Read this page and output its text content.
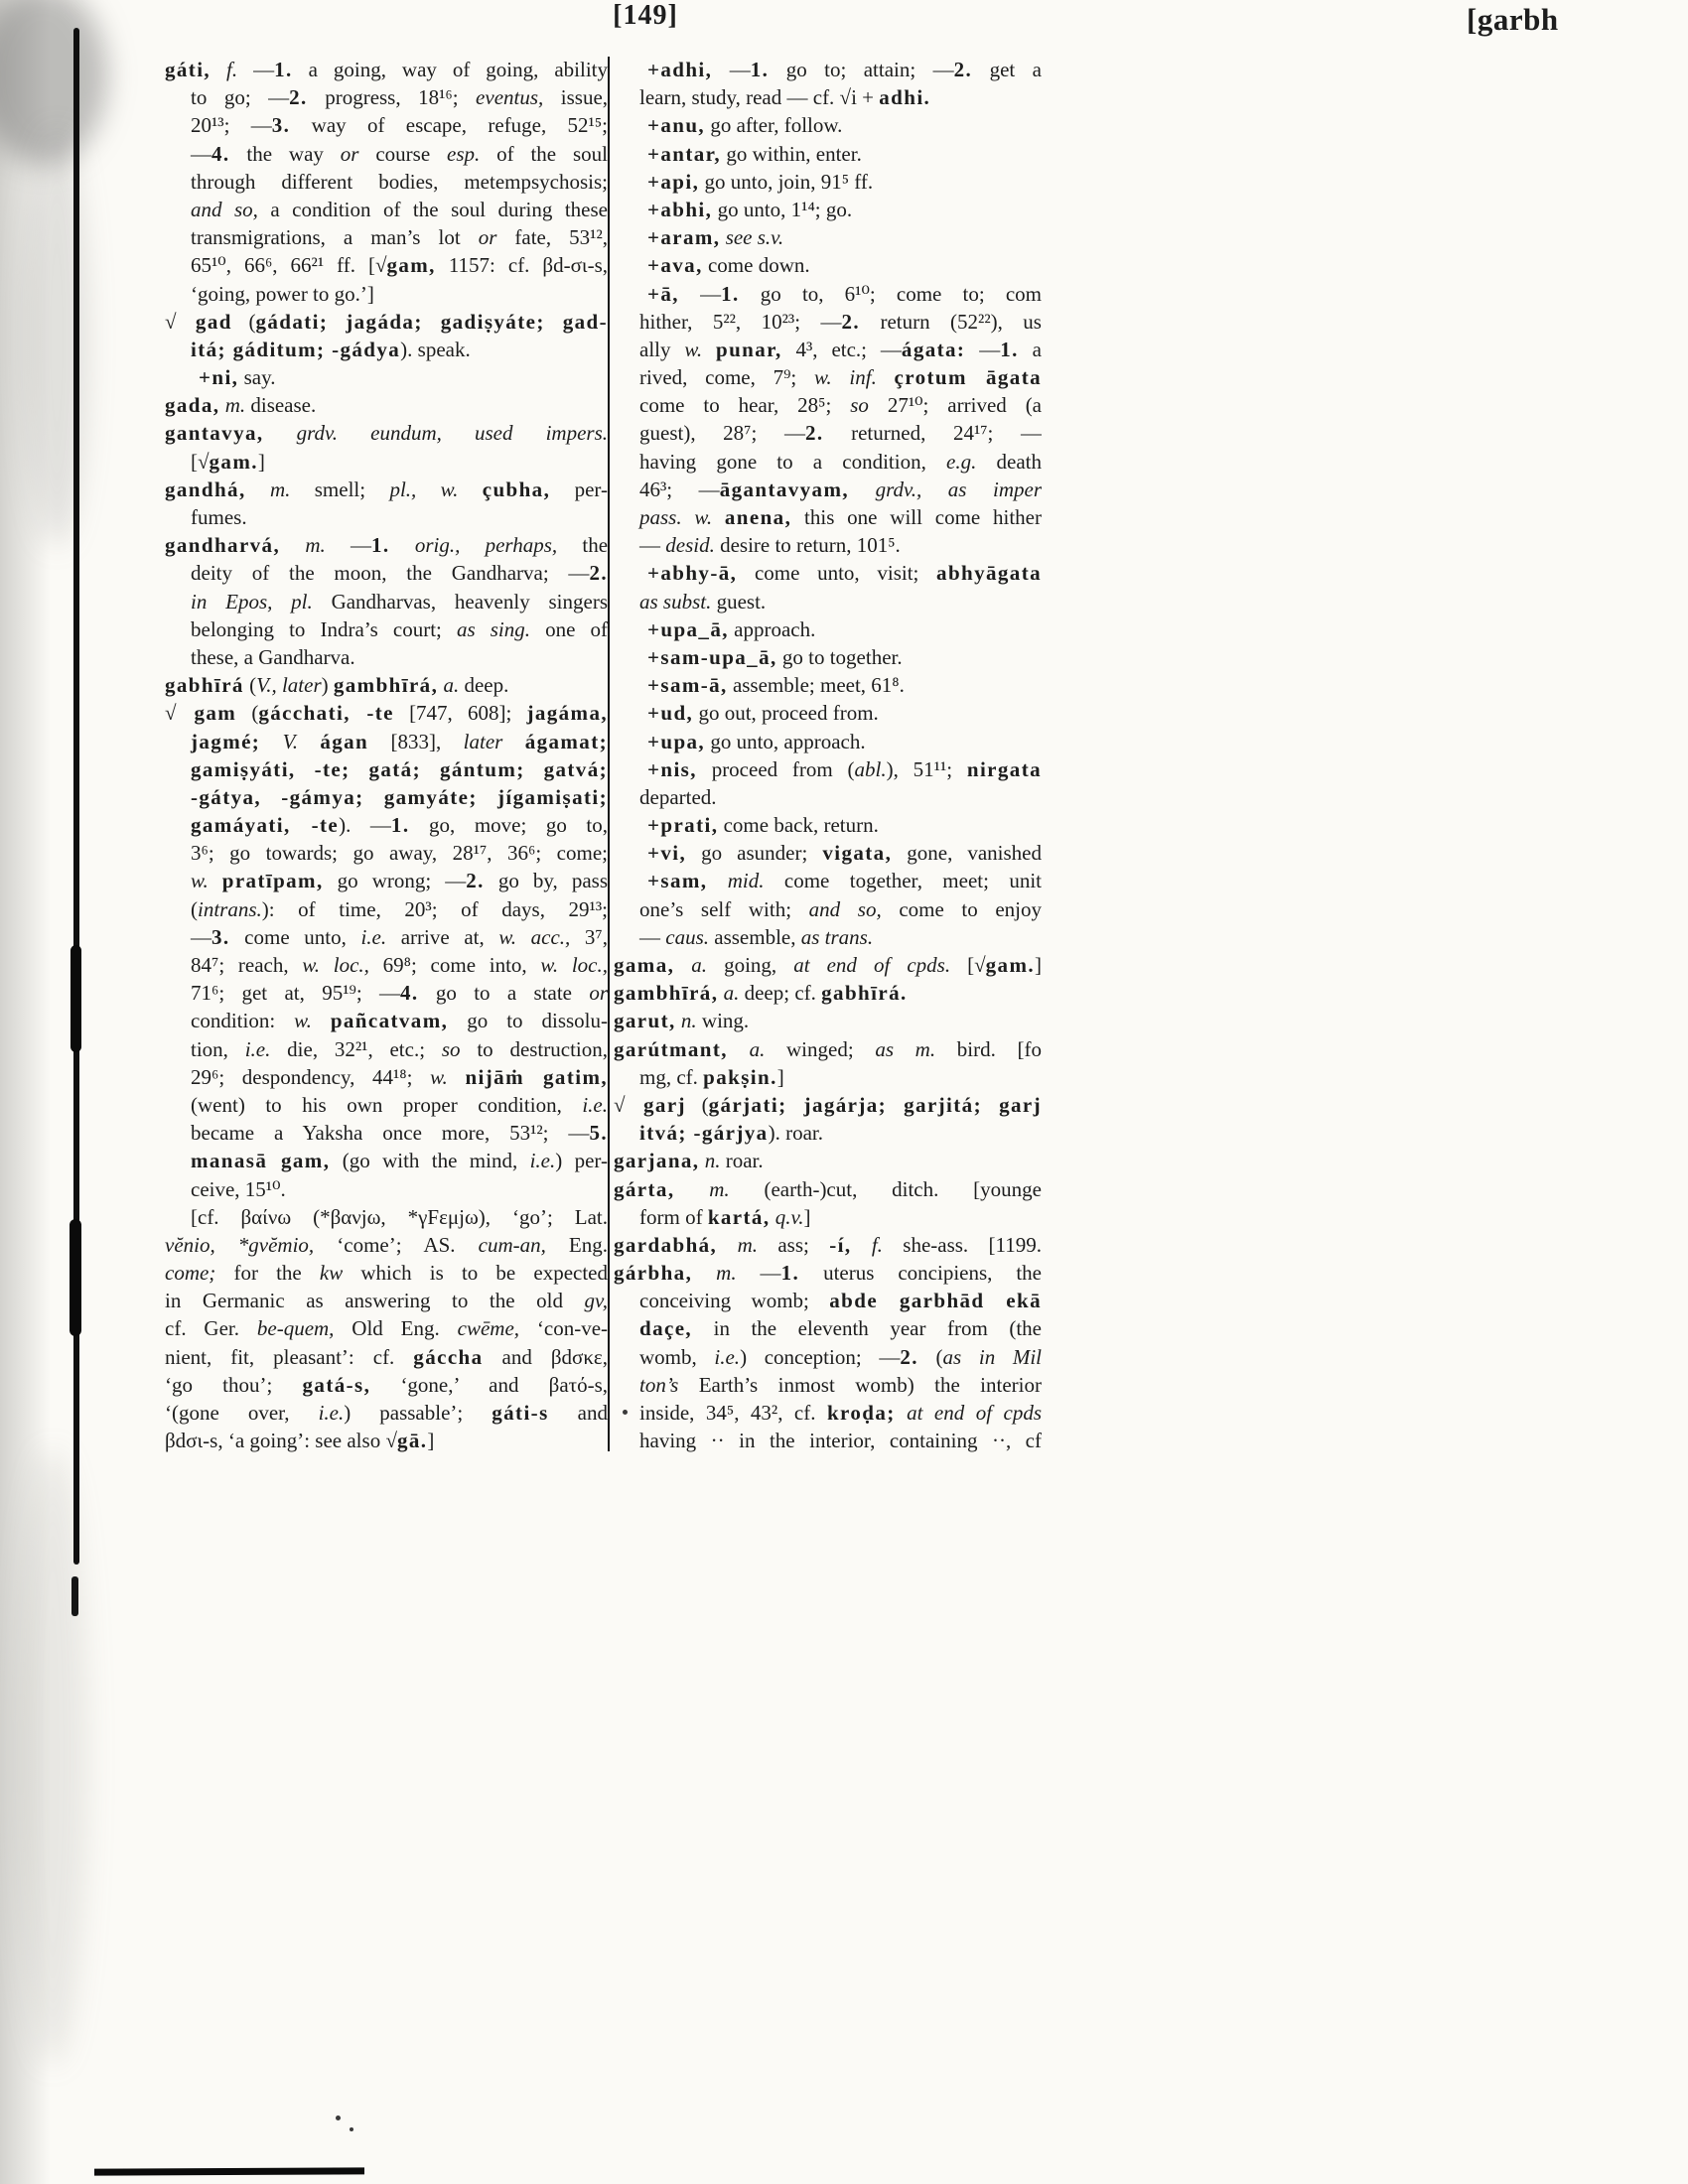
[149]	[garbh
gáti, f. —1. a going, way of going, ability
to go; —2. progress, 18¹⁶; eventus, issue,
20¹³; —3. way of escape, refuge, 52¹⁵;
—4. the way or course esp. of the soul
through different bodies, metempsychosis;
and so, a condition of the soul during these
transmigrations, a man’s lot or fate, 53¹²,
65¹⁰, 66⁶, 66²¹ ff. [√gam, 1157: cf. βd-σι-s,
‘going, power to go.’]
√ gad (gádati; jagáda; gadiṣyáte; gad-
itá; gáditum; -gádya). speak.
+ni, say.
gada, m. disease.
gantavya, grdv. eundum, used impers.
[√gam.]
gandhá, m. smell; pl., w. çubha, per-
fumes.
gandharvá, m. —1. orig., perhaps, the
deity of the moon, the Gandharva; —2.
in Epos, pl. Gandharvas, heavenly singers
belonging to Indra’s court; as sing. one of
these, a Gandharva.
gabhīrá (V., later) gambhīrá, a. deep.
√ gam (gácchati, -te [747, 608]; jagáma,
jagmé; V. ágan [833], later ágamat;
gamiṣyáti, -te; gatá; gántum; gatvá;
-gátya, -gámya; gamyáte; jígamiṣati;
gamáyati, -te). —1. go, move; go to,
3⁶; go towards; go away, 28¹⁷, 36⁶; come;
w. pratīpam, go wrong; —2. go by, pass
(intrans.): of time, 20³; of days, 29¹³;
—3. come unto, i.e. arrive at, w. acc., 3⁷,
84⁷; reach, w. loc., 69⁸; come into, w. loc.,
71⁶; get at, 95¹⁹; —4. go to a state or
condition: w. pañcatvam, go to dissolu-
tion, i.e. die, 32²¹, etc.; so to destruction,
29⁶; despondency, 44¹⁸; w. nijāṁ gatim,
(went) to his own proper condition, i.e.
became a Yaksha once more, 53¹²; —5.
manasā gam, (go with the mind, i.e.) per-
ceive, 15¹⁰.
[cf. βαίνω (*βανjω, *γFεμjω), ‘go’; Lat.
vĕnio, *gvĕmio, ‘come’; AS. cum-an, Eng.
come; for the kw which is to be expected
in Germanic as answering to the old gv,
cf. Ger. be-quem, Old Eng. cwēme, ‘con-ve-
nient, fit, pleasant’: cf. gáccha and βdσκε,
‘go thou’; gatá-s, ‘gone,’ and βaτό-s,
‘(gone over, i.e.) passable’; gáti-s and
βdσι-s, ‘a going’: see also √gā.]
+adhi, —1. go to; attain; —2. get a
learn, study, read — cf. √i + adhi.
+anu, go after, follow.
+antar, go within, enter.
+api, go unto, join, 91⁵ ff.
+abhi, go unto, 1¹⁴; go.
+aram, see s.v.
+ava, come down.
+ā, —1. go to, 6¹⁰; come to; com
hither, 5²², 10²³; —2. return (52²²), us
ally w. punar, 4³, etc.; —ágata: —1. a
rived, come, 7⁹; w. inf. çrotum āgata
come to hear, 28⁵; so 27¹⁰; arrived (a
guest), 28⁷; —2. returned, 24¹⁷; —
having gone to a condition, e.g. death
46³; —āgantavyam, grdv., as imper
pass. w. anena, this one will come hither
— desid. desire to return, 101⁵.
+abhy-ā, come unto, visit; abhyāgata
as subst. guest.
+upa_ā, approach.
+sam-upa_ā, go to together.
+sam-ā, assemble; meet, 61⁸.
+ud, go out, proceed from.
+upa, go unto, approach.
+nis, proceed from (abl.), 51¹¹; nirgata
departed.
+prati, come back, return.
+vi, go asunder; vigata, gone, vanished
+sam, mid. come together, meet; unit
one’s self with; and so, come to enjoy
— caus. assemble, as trans.
gama, a. going, at end of cpds. [√gam.]
gambhīrá, a. deep; cf. gabhīrá.
garut, n. wing.
garútmant, a. winged; as m. bird. [fo
mg, cf. pakṣin.]
√ garj (gárjati; jagárja; garjitá; garj
itvá; -gárjya). roar.
garjana, n. roar.
gárta, m. (earth-)cut, ditch. [younge
form of kartá, q.v.]
gardabhá, m. ass; -í, f. she-ass. [1199.
gárbha, m. —1. uterus concipiens, the
conceiving womb; abde garbhād ekā
daçe, in the eleventh year from (the
womb, i.e.) conception; —2. (as in Mil
ton’s Earth’s inmost womb) the interior
inside, 34⁵, 43², cf. kroḍa; at end of cpds
having ·· in the interior, containing ··, cf
